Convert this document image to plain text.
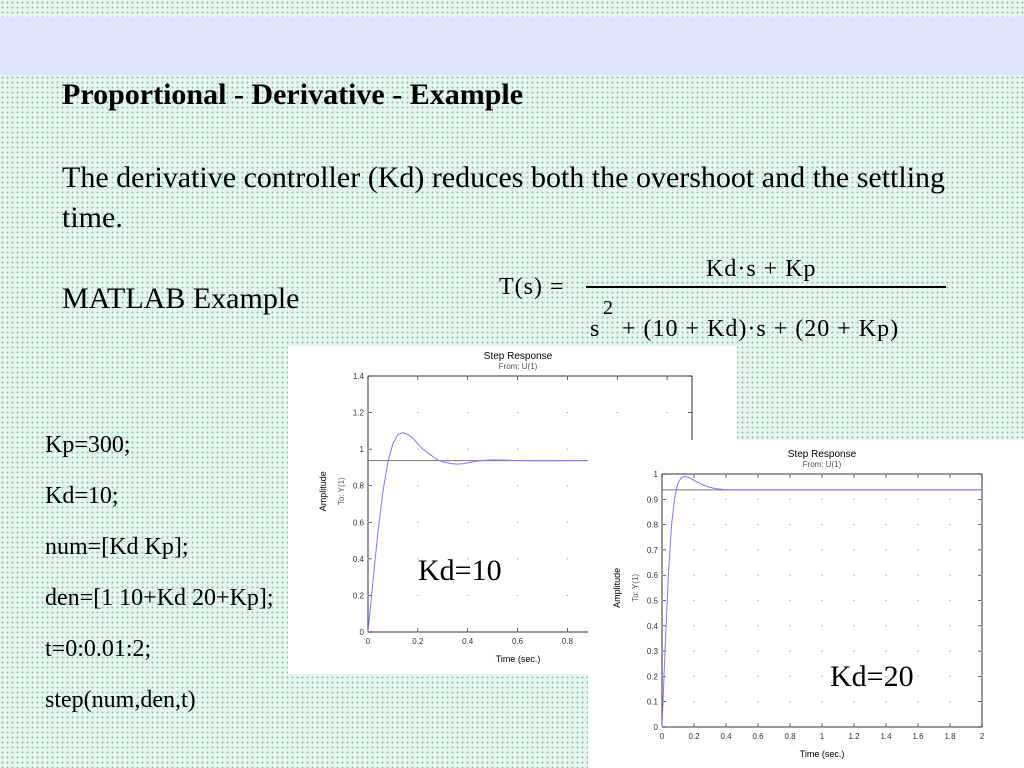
Proportional - Derivative - Example
The derivative controller (Kd) reduces both the overshoot and the settling time.
MATLAB Example	T(s) =
Kd·s + Kp
s
2
+ (10 + Kd)·s + (20 + Kp)
Kp=300;
Kd=10;
num=[Kd Kp];
den=[1 10+Kd 20+Kp];
t=0:0.01:2;
step(num,den,t)
Step Response
From: U(1)
0
0.2
0.4
0.6
0.8
1
1.2
1.4
0	0.2	0.4	0.6	0.8
Time (sec.)
Amplitude To: Y(1)
Kd=10
Step Response
From: U(1)
0
0.1
0.2
0.3
0.4
0.5
0.6
0.7
0.8
0.9
1
0	0.2	0.4	0.6	0.8	1	1.2	1.4	1.6	1.8	2
Time (sec.)
Amplitude To: Y(1)
Kd=20
